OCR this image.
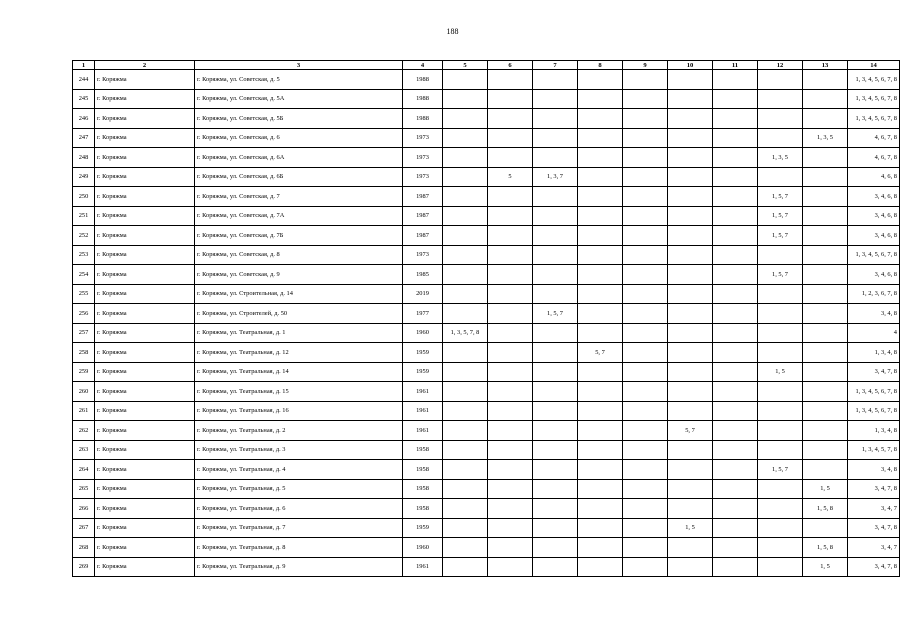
188
1	2	3	4	5	6	7	8	9	10	11	12	13	14
244	г. Коряжма	г. Коряжма, ул. Советская, д. 5	1988										1, 3, 4, 5, 6, 7, 8
245	г. Коряжма	г. Коряжма, ул. Советская, д. 5А	1988										1, 3, 4, 5, 6, 7, 8
246	г. Коряжма	г. Коряжма, ул. Советская, д. 5Б	1988										1, 3, 4, 5, 6, 7, 8
247	г. Коряжма	г. Коряжма, ул. Советская, д. 6	1973									1, 3, 5	4, 6, 7, 8
248	г. Коряжма	г. Коряжма, ул. Советская, д. 6А	1973								1, 3, 5		4, 6, 7, 8
249	г. Коряжма	г. Коряжма, ул. Советская, д. 6Б	1973		5	1, 3, 7							4, 6, 8
250	г. Коряжма	г. Коряжма, ул. Советская, д. 7	1987								1, 5, 7		3, 4, 6, 8
251	г. Коряжма	г. Коряжма, ул. Советская, д. 7А	1987								1, 5, 7		3, 4, 6, 8
252	г. Коряжма	г. Коряжма, ул. Советская, д. 7Б	1987								1, 5, 7		3, 4, 6, 8
253	г. Коряжма	г. Коряжма, ул. Советская, д. 8	1973										1, 3, 4, 5, 6, 7, 8
254	г. Коряжма	г. Коряжма, ул. Советская, д. 9	1985								1, 5, 7		3, 4, 6, 8
255	г. Коряжма	г. Коряжма, ул. Строительная, д. 14	2019										1, 2, 3, 6, 7, 8
256	г. Коряжма	г. Коряжма, ул. Строителей, д. 50	1977			1, 5, 7							3, 4, 8
257	г. Коряжма	г. Коряжма, ул. Театральная, д. 1	1960	1, 3, 5, 7, 8									4
258	г. Коряжма	г. Коряжма, ул. Театральная, д. 12	1959				5, 7						1, 3, 4, 8
259	г. Коряжма	г. Коряжма, ул. Театральная, д. 14	1959								1, 5		3, 4, 7, 8
260	г. Коряжма	г. Коряжма, ул. Театральная, д. 15	1961										1, 3, 4, 5, 6, 7, 8
261	г. Коряжма	г. Коряжма, ул. Театральная, д. 16	1961										1, 3, 4, 5, 6, 7, 8
262	г. Коряжма	г. Коряжма, ул. Театральная, д. 2	1961						5, 7				1, 3, 4, 8
263	г. Коряжма	г. Коряжма, ул. Театральная, д. 3	1958										1, 3, 4, 5, 7, 8
264	г. Коряжма	г. Коряжма, ул. Театральная, д. 4	1958								1, 5, 7		3, 4, 8
265	г. Коряжма	г. Коряжма, ул. Театральная, д. 5	1958									1, 5	3, 4, 7, 8
266	г. Коряжма	г. Коряжма, ул. Театральная, д. 6	1958									1, 5, 8	3, 4, 7
267	г. Коряжма	г. Коряжма, ул. Театральная, д. 7	1959						1, 5				3, 4, 7, 8
268	г. Коряжма	г. Коряжма, ул. Театральная, д. 8	1960									1, 5, 8	3, 4, 7
269	г. Коряжма	г. Коряжма, ул. Театральная, д. 9	1961									1, 5	3, 4, 7, 8
